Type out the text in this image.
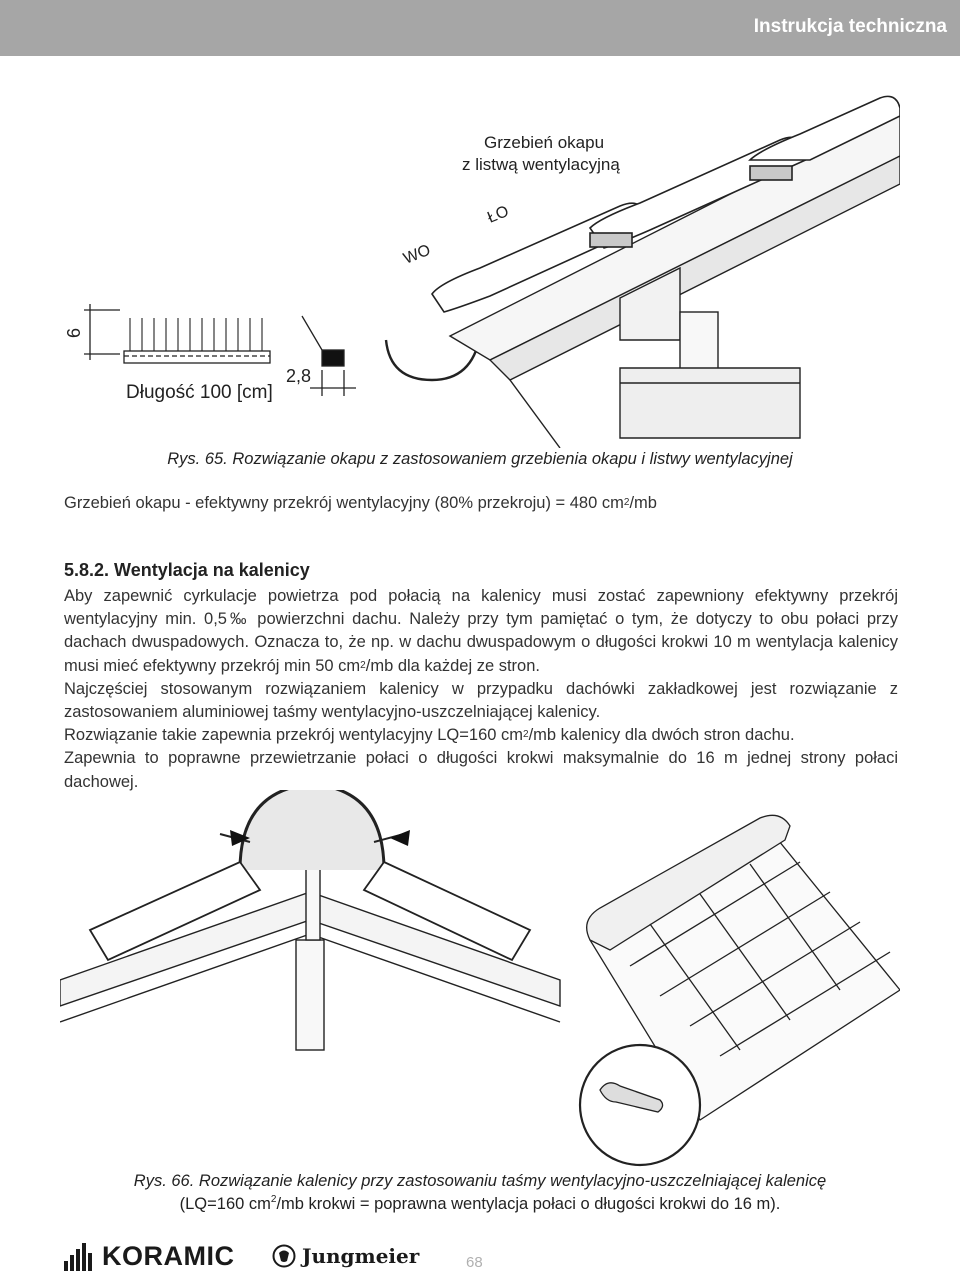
Instrukcja techniczna
6
Długość 100 [cm]
2,8
Grzebień okapu
z listwą wentylacyjną
ŁO
WO
Rys. 65. Rozwiązanie okapu z zastosowaniem grzebienia okapu i listwy wentylacyjnej
Grzebień okapu - efektywny przekrój wentylacyjny (80% przekroju) = 480 $cm^2/mb$
5.8.2. Wentylacja na kalenicy

Aby zapewnić cyrkulacje powietrza pod połacią na kalenicy musi zostać zapewniony efektywny przekrój wentylacyjny min. 0,5‰ powierzchni dachu. Należy przy tym pamiętać o tym, że dotyczy to obu połaci przy dachach dwuspadowych. Oznacza to, że np. w dachu dwuspadowym o długości krokwi 10 m wentylacja kalenicy musi mieć efektywny przekrój min 50 $cm^2/mb$ dla każdej ze stron.

Najczęściej stosowanym rozwiązaniem kalenicy w przypadku dachówki zakładkowej jest rozwiązanie z zastosowaniem aluminiowej taśmy wentylacyjno-uszczelniającej kalenicy.

Rozwiązanie takie zapewnia przekrój wentylacyjny LQ=160 $cm^2/mb$ kalenicy dla dwóch stron dachu.

Zapewnia to poprawne przewietrzanie połaci o długości krokwi maksymalnie do 16 m jednej strony połaci dachowej.

Rys. 66. Rozwiązanie kalenicy przy zastosowaniu taśmy wentylacyjno-uszczelniającej kalenicę
(LQ=160 $cm^2/mb$ krokwi = poprawna wentylacja połaci o długości krokwi do 16 m).
KORAMIC	Jungmeier	68
